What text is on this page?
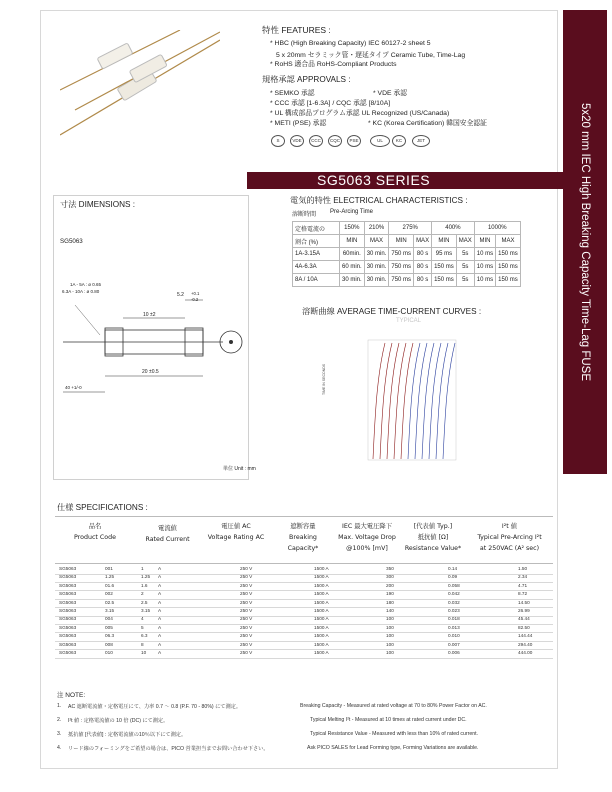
5x20 mm IEC High Breaking Capacity Time-Lag FUSE
特性 FEATURES :
* HBC (High Breaking Capacity) IEC 60127-2 sheet 5
5 x 20mm セラミック管・遅延タイプ Ceramic Tube, Time-Lag
* RoHS 適合品 RoHS-Compliant Products
規格承認 APPROVALS :
* SEMKO 承認	* VDE 承認
* CCC 承認 [1-6.3A] / CQC 承認 [8/10A]
* UL 構成部品プログラム承認 UL Recognized (US/Canada)
* METI (PSE) 承認	* KC (Korea Certification) 韓国安全認証
S	VDE	CCC	CQC	PSE	UL	KC	JET
SG5063 SERIES
寸法 DIMENSIONS :
SG5063
1A - 5A : ø 0.65
6.3A - 10A : ø 0.80
10 ±2
5.2 +0.1
-0.2
20 ±0.5
40 +1/-0
単位 Unit : mm
電気的特性 ELECTRICAL CHARACTERISTICS :
溶断時間 Pre-Arcing Time
定格電流の	150%	210%	275%		400%		1000%	
割合 (%)	MIN	MAX	MIN	MAX	MIN	MAX	MIN	MAX
1A-3.15A	60min.	30 min.	750 ms	80 s	95 ms	5s	10 ms	150 ms
4A-6.3A	60 min.	30 min.	750 ms	80 s	150 ms	5s	10 ms	150 ms
8A / 10A	30 min.	30 min.	750 ms	80 s	150 ms	5s	10 ms	150 ms
溶断曲線 AVERAGE TIME-CURRENT CURVES :
TYPICAL
TIME IN SECONDS
仕様 SPECIFICATIONS :
品名
Product Code
電流値
Rated Current
電圧値 AC
Voltage Rating AC
遮断容量
Breaking
Capacity*
IEC 最大電圧降下
Max. Voltage Drop
@100% [mV]
[代表値 Typ.]
抵抗値 [Ω]
Resistance Value*
I²t 値
Typical Pre-Arcing I²t
at 250VAC (A² sec)
SG5063	001	1	A	250 V	1500 A	350	0.14	1.50
SG5063	1.25	1.25 A	250 V	1500 A	300	0.09	2.34
SG5063	01.6	1.6 A	250 V	1500 A	200	0.058	4.71
SG5063	002	2	A	250 V	1500 A	190	0.042	8.72
SG5063	02.5	2.5 A	250 V	1500 A	180	0.032	14.50
SG5063	3.15	3.15 A	250 V	1500 A	140	0.023	26.99
SG5063	004	4	A	250 V	1500 A	100	0.018	45.44
SG5063	005	5	A	250 V	1500 A	100	0.013	82.50
SG5063	06.3	6.3 A	250 V	1500 A	100	0.010	144.44
SG5063	008	8	A	250 V	1500 A	100	0.007	294.40
SG5063	010	10	A	250 V	1500 A	100	0.006	444.00
注 NOTE:
1. AC 遮断電流値・定格電圧にて、力率 0.7 〜 0.8 (P.F. 70 - 80%) にて測定。	Breaking Capacity - Measured at rated voltage at 70 to 80% Power Factor on AC.
2. I²t 値 : 定格電流値の 10 倍 (DC) にて測定。	Typical Melting I²t - Measured at 10 times at rated current under DC.
3. 抵抗値 [代表値] : 定格電流値の10％以下にて測定。	Typical Resistance Value - Measured with less than 10% of rated current.
4. リード線のフォーミングをご希望の場合は、PICO 営業担当までお問い合わせ下さい。	Ask PICO SALES for Lead Forming type, Forming Variations are available.
